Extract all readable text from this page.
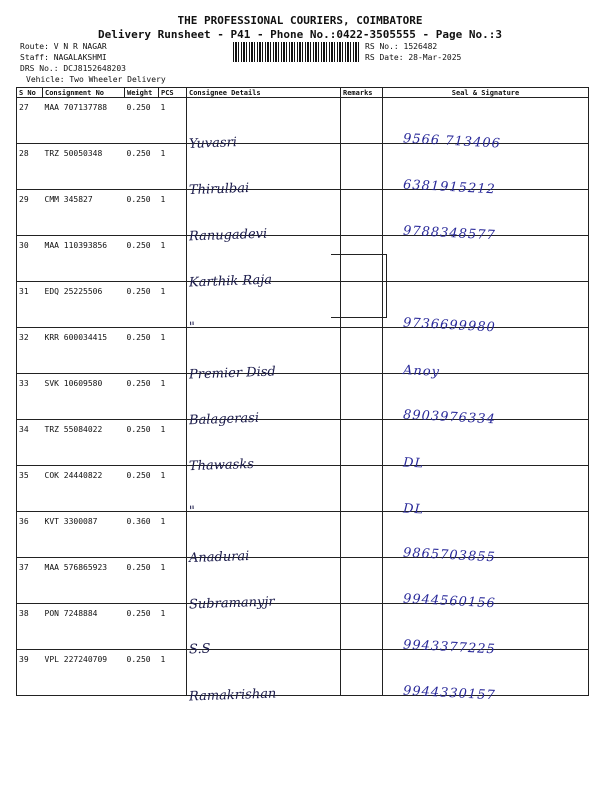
THE PROFESSIONAL COURIERS, COIMBATORE
Delivery Runsheet - P41 - Phone No.:0422-3505555 - Page No.:3
Route: V N R NAGAR
Staff: NAGALAKSHMI
DRS No.: DCJ8152648203
Vehicle: Two Wheeler Delivery
RS No.: 1526482
RS Date: 28-Mar-2025
S No	Consignment No	Weight	PCS	Consignee Details	Remarks	Seal & Signature
27	MAA 707137788	0.250	1	Yuvasri		9566 713406

28	TRZ 50050348	0.250	1	Thirulbai		6381915212

29	CMM 345827	0.250	1	Ranugadevi		9788348577

30	MAA 110393856	0.250	1	Karthik Raja		

31	EDQ 25225506	0.250	1	"		9736699980

32	KRR 600034415	0.250	1	Premier Disd		Anoy

33	SVK 10609580	0.250	1	Balagerasi		8903976334

34	TRZ 55084022	0.250	1	Thawasks		DL

35	COK 24440822	0.250	1	"		DL

36	KVT 3300087	0.360	1	Anadurai		9865703855

37	MAA 576865923	0.250	1	Subramanyjr		9944560156

38	PON 7248884	0.250	1	S.S		9943377225

39	VPL 227240709	0.250	1	Ramakrishan		9944330157
